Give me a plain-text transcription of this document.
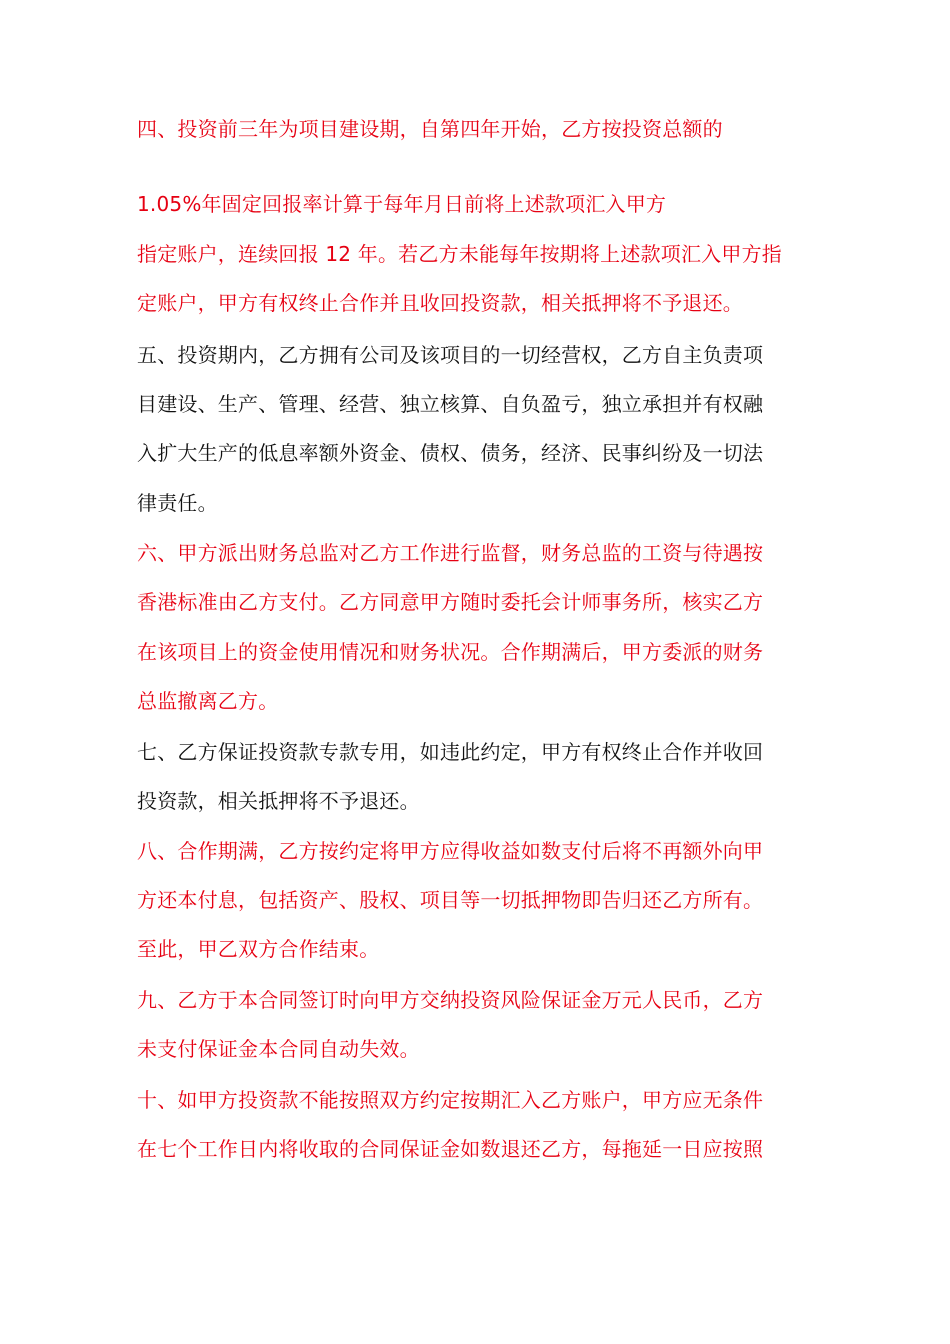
四、投资前三年为项目建设期，自第四年开始，乙方按投资总额的
1.05%年固定回报率计算于每年月日前将上述款项汇入甲方
指定账户，连续回报 12 年。若乙方未能每年按期将上述款项汇入甲方指
定账户，甲方有权终止合作并且收回投资款，相关抵押将不予退还。
五、投资期内，乙方拥有公司及该项目的一切经营权，乙方自主负责项
目建设、生产、管理、经营、独立核算、自负盈亏，独立承担并有权融
入扩大生产的低息率额外资金、债权、债务，经济、民事纠纷及一切法
律责任。
六、甲方派出财务总监对乙方工作进行监督，财务总监的工资与待遇按
香港标准由乙方支付。乙方同意甲方随时委托会计师事务所，核实乙方
在该项目上的资金使用情况和财务状况。合作期满后，甲方委派的财务
总监撤离乙方。
七、乙方保证投资款专款专用，如违此约定，甲方有权终止合作并收回
投资款，相关抵押将不予退还。
八、合作期满，乙方按约定将甲方应得收益如数支付后将不再额外向甲
方还本付息，包括资产、股权、项目等一切抵押物即告归还乙方所有。
至此，甲乙双方合作结束。
九、乙方于本合同签订时向甲方交纳投资风险保证金万元人民币，乙方
未支付保证金本合同自动失效。
十、如甲方投资款不能按照双方约定按期汇入乙方账户，甲方应无条件
在七个工作日内将收取的合同保证金如数退还乙方，每拖延一日应按照
